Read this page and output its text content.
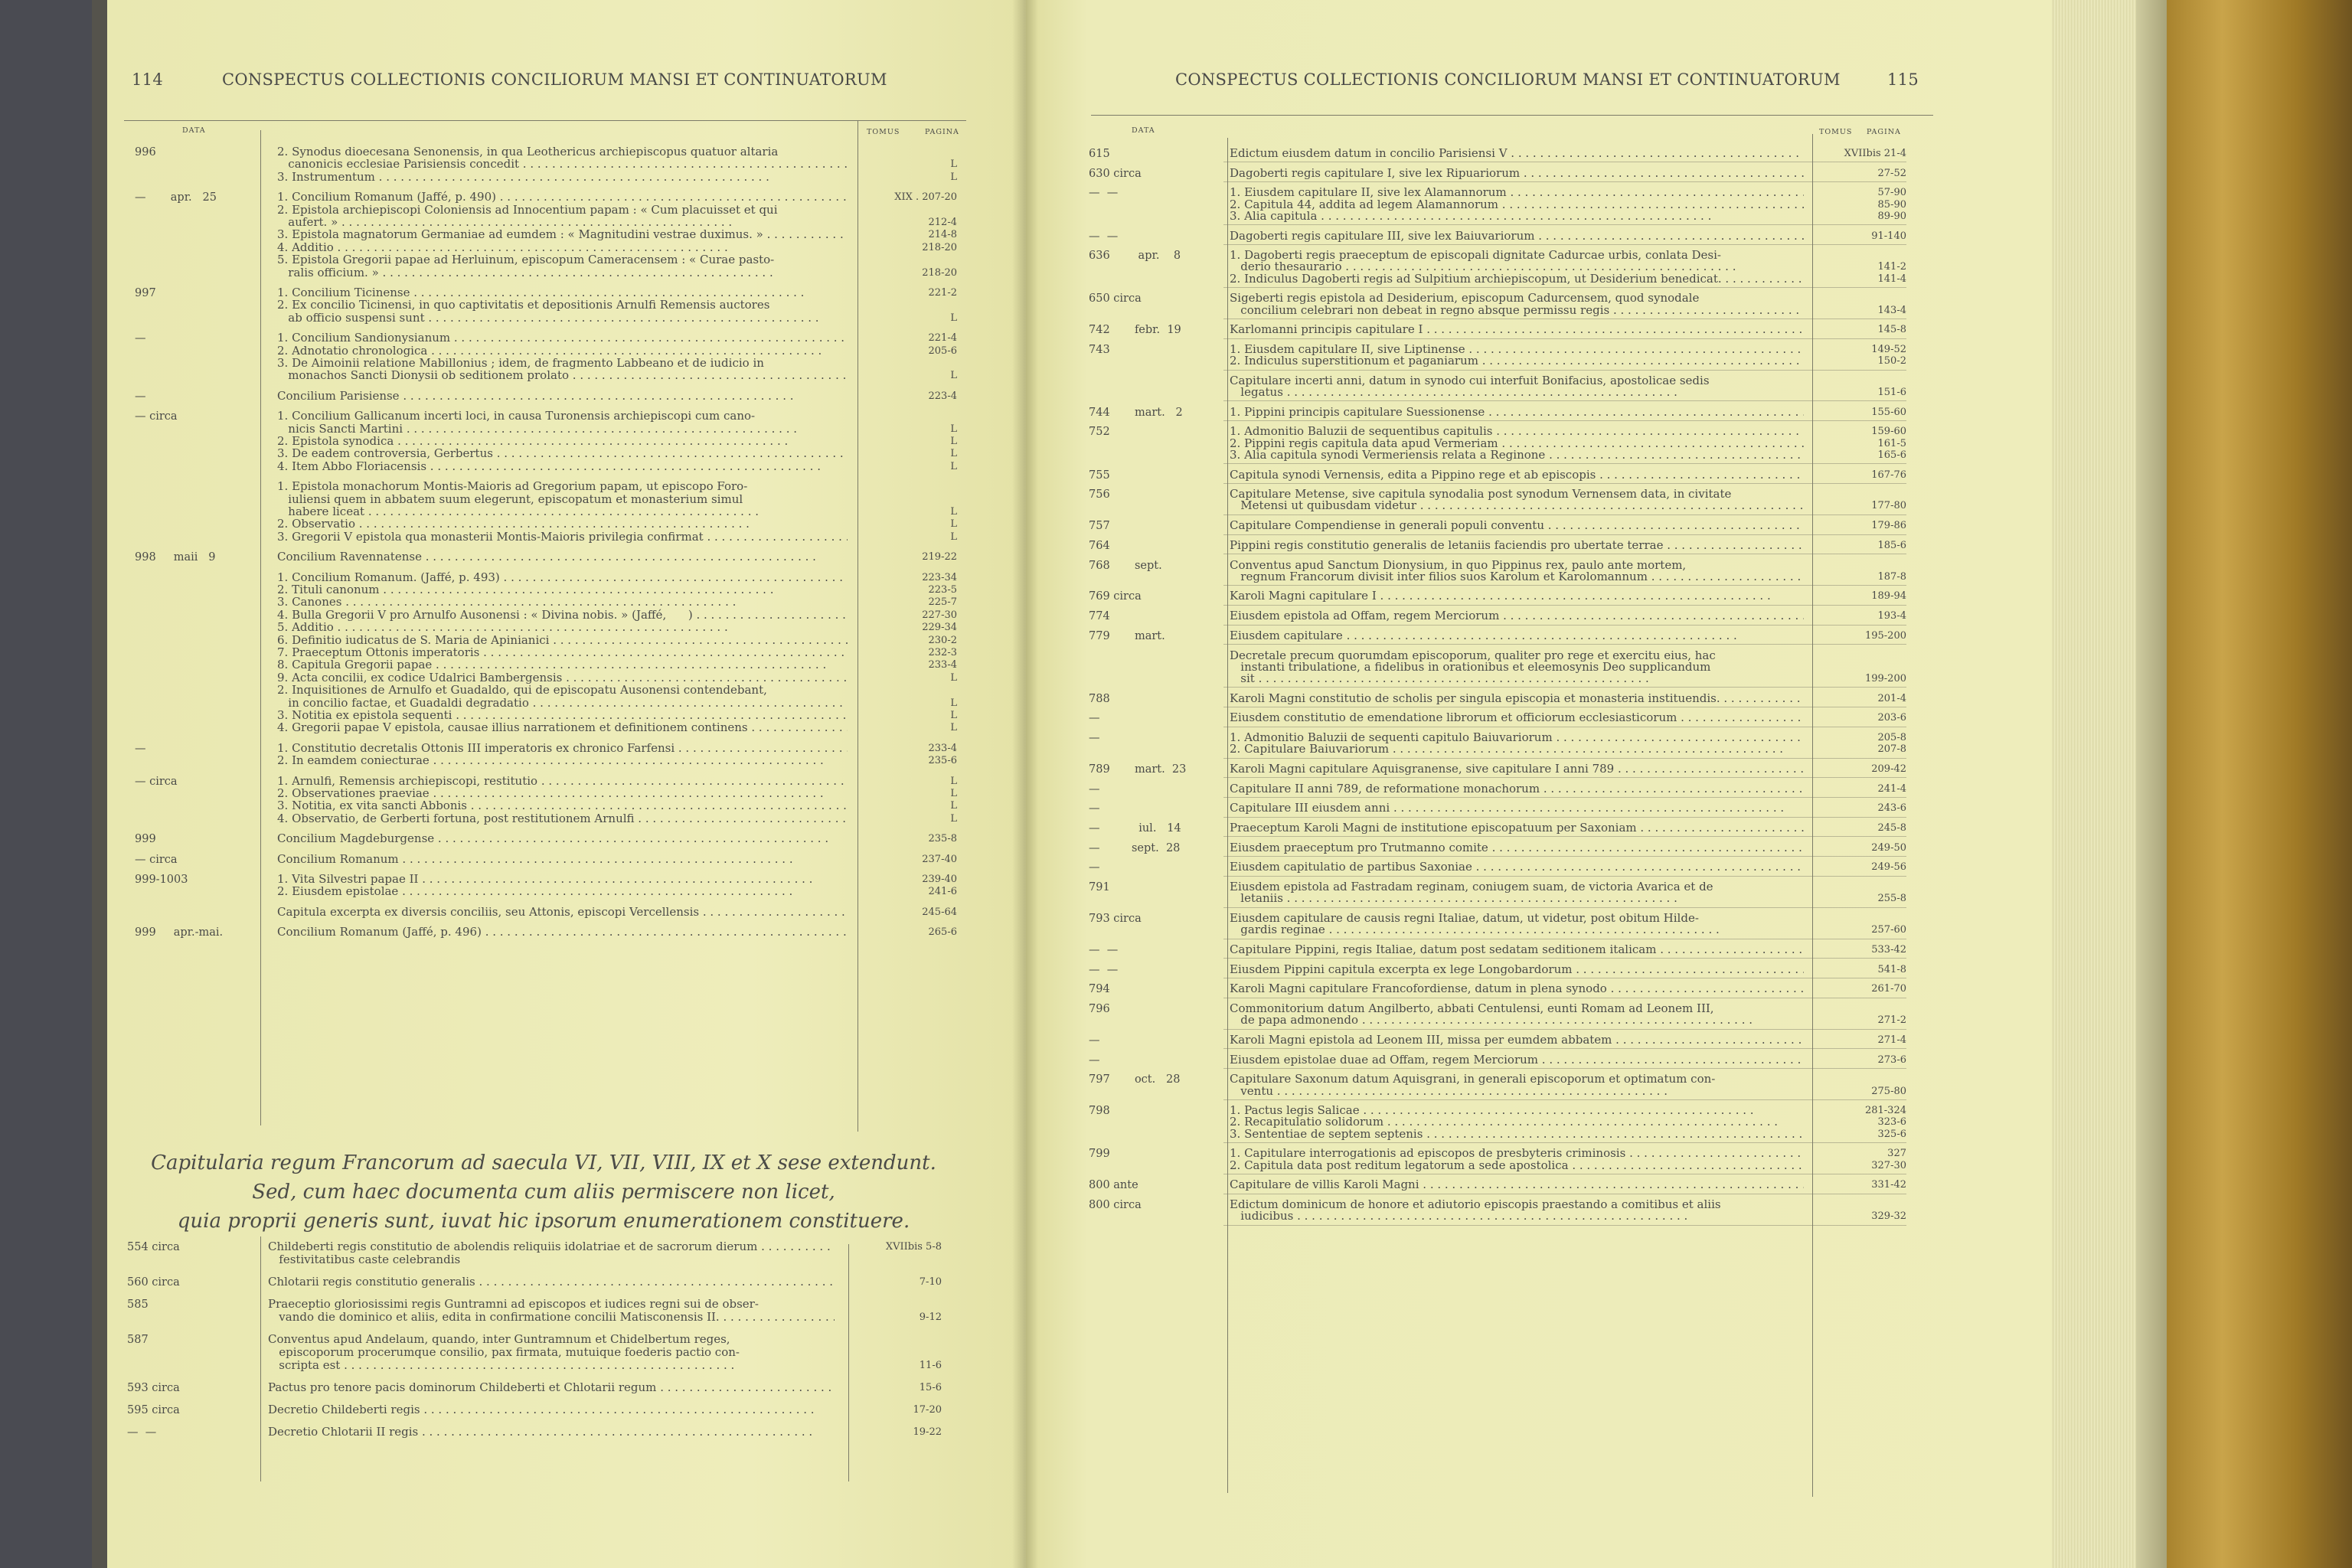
114	CONSPECTUS COLLECTIONIS CONCILIORUM MANSI ET CONTINUATORUM
DATA	TOMUS	PAGINA
996	2. Synodus dioecesana Senonensis, in qua Leothericus archiepiscopus quatuor altaria
canonicis ecclesiae Parisiensis concedit . . .	L
3. Instrumentum . . .	L
—       apr.   25	1. Concilium Romanum (Jaffé, p. 490) . . .	XIX . 207-20
2. Epistola archiepiscopi Coloniensis ad Innocentium papam : « Cum placuisset et qui
aufert. » . . .	212-4
3. Epistola magnatorum Germaniae ad eumdem : « Magnitudini vestrae duximus. » . . .	214-8
4. Additio . . .	218-20
5. Epistola Gregorii papae ad Herluinum, episcopum Cameracensem : « Curae pasto-
ralis officium. » . . .	218-20
997	1. Concilium Ticinense . . .	221-2
2. Ex concilio Ticinensi, in quo captivitatis et depositionis Arnulfi Remensis auctores
ab officio suspensi sunt . . .	L
—	1. Concilium Sandionysianum . . .	221-4
2. Adnotatio chronologica . . .	205-6
3. De Aimoinii relatione Mabillonius ; idem, de fragmento Labbeano et de iudicio in
monachos Sancti Dionysii ob seditionem prolato . . .	L
—	Concilium Parisiense . . .	223-4
— circa	1. Concilium Gallicanum incerti loci, in causa Turonensis archiepiscopi cum cano-
nicis Sancti Martini . . .	L
2. Epistola synodica . . .	L
3. De eadem controversia, Gerbertus . . .	L
4. Item Abbo Floriacensis . . .	L
1. Epistola monachorum Montis-Maioris ad Gregorium papam, ut episcopo Foro-
iuliensi quem in abbatem suum elegerunt, episcopatum et monasterium simul
habere liceat . . .	L
2. Observatio . . .	L
3. Gregorii V epistola qua monasterii Montis-Maioris privilegia confirmat . . .	L
998     maii   9	Concilium Ravennatense . . .	219-22
1. Concilium Romanum. (Jaffé, p. 493) . . .	223-34
2. Tituli canonum . . .	223-5
3. Canones . . .	225-7
4. Bulla Gregorii V pro Arnulfo Ausonensi : « Divina nobis. » (Jaffé,      ) . . .	227-30
5. Additio . . .	229-34
6. Definitio iudicatus de S. Maria de Apinianici . . .	230-2
7. Praeceptum Ottonis imperatoris . . .	232-3
8. Capitula Gregorii papae . . .	233-4
9. Acta concilii, ex codice Udalrici Bambergensis . . .	L
2. Inquisitiones de Arnulfo et Guadaldo, qui de episcopatu Ausonensi contendebant,
in concilio factae, et Guadaldi degradatio . . .	L
3. Notitia ex epistola sequenti . . .	L
4. Gregorii papae V epistola, causae illius narrationem et definitionem continens . . .	L
—	1. Constitutio decretalis Ottonis III imperatoris ex chronico Farfensi . . .	233-4
2. In eamdem coniecturae . . .	235-6
— circa	1. Arnulfi, Remensis archiepiscopi, restitutio . . .	L
2. Observationes praeviae . . .	L
3. Notitia, ex vita sancti Abbonis . . .	L
4. Observatio, de Gerberti fortuna, post restitutionem Arnulfi . . .	L
999	Concilium Magdeburgense . . .	235-8
— circa	Concilium Romanum . . .	237-40
999-1003	1. Vita Silvestri papae II . . .	239-40
2. Eiusdem epistolae . . .	241-6
Capitula excerpta ex diversis conciliis, seu Attonis, episcopi Vercellensis . . .	245-64
999     apr.-mai.	Concilium Romanum (Jaffé, p. 496) . . .	265-6
Capitularia regum Francorum ad saecula VI, VII, VIII, IX et X sese extendunt.
Sed, cum haec documenta cum aliis permiscere non licet,
quia proprii generis sunt, iuvat hic ipsorum enumerationem constituere.
554 circa	Childeberti regis constitutio de abolendis reliquiis idolatriae et de sacrorum dierum . . .	XVIIbis 5-8
festivitatibus caste celebrandis
560 circa	Chlotarii regis constitutio generalis . . .	7-10
585	Praeceptio gloriosissimi regis Guntramni ad episcopos et iudices regni sui de obser-
vando die dominico et aliis, edita in confirmatione concilii Matisconensis II. . . .	9-12
587	Conventus apud Andelaum, quando, inter Guntramnum et Chidelbertum reges,
episcoporum procerumque consilio, pax firmata, mutuique foederis pactio con-
scripta est . . .	11-6
593 circa	Pactus pro tenore pacis dominorum Childeberti et Chlotarii regum . . .	15-6
595 circa	Decretio Childeberti regis . . .	17-20
—  —	Decretio Chlotarii II regis . . .	19-22
CONSPECTUS COLLECTIONIS CONCILIORUM MANSI ET CONTINUATORUM	115
DATA	TOMUS PAGINA
615	Edictum eiusdem datum in concilio Parisiensi V . . .	XVIIbis 21-4
630 circa	Dagoberti regis capitulare I, sive lex Ripuariorum . . .	27-52
—  —	1. Eiusdem capitulare II, sive lex Alamannorum . . .	57-90
2. Capitula 44, addita ad legem Alamannorum . . .	85-90
3. Alia capitula . . .	89-90
—  —	Dagoberti regis capitulare III, sive lex Baiuvariorum . . .	91-140
636        apr.    8	1. Dagoberti regis praeceptum de episcopali dignitate Cadurcae urbis, conlata Desi-
derio thesaurario . . .	141-2
2. Indiculus Dagoberti regis ad Sulpitium archiepiscopum, ut Desiderium benedicat. . . .	141-4
650 circa	Sigeberti regis epistola ad Desiderium, episcopum Cadurcensem, quod synodale
concilium celebrari non debeat in regno absque permissu regis . . .	143-4
742       febr.  19	Karlomanni principis capitulare I . . .	145-8
743	1. Eiusdem capitulare II, sive Liptinense . . .	149-52
2. Indiculus superstitionum et paganiarum . . .	150-2
Capitulare incerti anni, datum in synodo cui interfuit Bonifacius, apostolicae sedis
legatus . . .	151-6
744       mart.   2	1. Pippini principis capitulare Suessionense . . .	155-60
752	1. Admonitio Baluzii de sequentibus capitulis . . .	159-60
2. Pippini regis capitula data apud Vermeriam . . .	161-5
3. Alia capitula synodi Vermeriensis relata a Reginone . . .	165-6
755	Capitula synodi Vernensis, edita a Pippino rege et ab episcopis . . .	167-76
756	Capitulare Metense, sive capitula synodalia post synodum Vernensem data, in civitate
Metensi ut quibusdam videtur . . .	177-80
757	Capitulare Compendiense in generali populi conventu . . .	179-86
764	Pippini regis constitutio generalis de letaniis faciendis pro ubertate terrae . . .	185-6
768       sept.	Conventus apud Sanctum Dionysium, in quo Pippinus rex, paulo ante mortem,
regnum Francorum divisit inter filios suos Karolum et Karolomannum . . .	187-8
769 circa	Karoli Magni capitulare I . . .	189-94
774	Eiusdem epistola ad Offam, regem Merciorum . . .	193-4
779       mart.	Eiusdem capitulare . . .	195-200
Decretale precum quorumdam episcoporum, qualiter pro rege et exercitu eius, hac
instanti tribulatione, a fidelibus in orationibus et eleemosynis Deo supplicandum
sit . . .	199-200
788	Karoli Magni constitutio de scholis per singula episcopia et monasteria instituendis. . . .	201-4
—	Eiusdem constitutio de emendatione librorum et officiorum ecclesiasticorum . . .	203-6
—	1. Admonitio Baluzii de sequenti capitulo Baiuvariorum . . .	205-8
2. Capitulare Baiuvariorum . . .	207-8
789       mart.  23	Karoli Magni capitulare Aquisgranense, sive capitulare I anni 789 . . .	209-42
—	Capitulare II anni 789, de reformatione monachorum . . .	241-4
—	Capitulare III eiusdem anni . . .	243-6
—           iul.   14	Praeceptum Karoli Magni de institutione episcopatuum per Saxoniam . . .	245-8
—         sept.  28	Eiusdem praeceptum pro Trutmanno comite . . .	249-50
—	Eiusdem capitulatio de partibus Saxoniae . . .	249-56
791	Eiusdem epistola ad Fastradam reginam, coniugem suam, de victoria Avarica et de
letaniis . . .	255-8
793 circa	Eiusdem capitulare de causis regni Italiae, datum, ut videtur, post obitum Hilde-
gardis reginae . . .	257-60
—  —	Capitulare Pippini, regis Italiae, datum post sedatam seditionem italicam . . .	533-42
—  —	Eiusdem Pippini capitula excerpta ex lege Longobardorum . . .	541-8
794	Karoli Magni capitulare Francofordiense, datum in plena synodo . . .	261-70
796	Commonitorium datum Angilberto, abbati Centulensi, eunti Romam ad Leonem III,
de papa admonendo . . .	271-2
—	Karoli Magni epistola ad Leonem III, missa per eumdem abbatem . . .	271-4
—	Eiusdem epistolae duae ad Offam, regem Merciorum . . .	273-6
797       oct.   28	Capitulare Saxonum datum Aquisgrani, in generali episcoporum et optimatum con-
ventu . . .	275-80
798	1. Pactus legis Salicae . . .	281-324
2. Recapitulatio solidorum . . .	323-6
3. Sententiae de septem septenis . . .	325-6
799	1. Capitulare interrogationis ad episcopos de presbyteris criminosis . . .	327
2. Capitula data post reditum legatorum a sede apostolica . . .	327-30
800 ante	Capitulare de villis Karoli Magni . . .	331-42
800 circa	Edictum dominicum de honore et adiutorio episcopis praestando a comitibus et aliis
iudicibus . . .	329-32
